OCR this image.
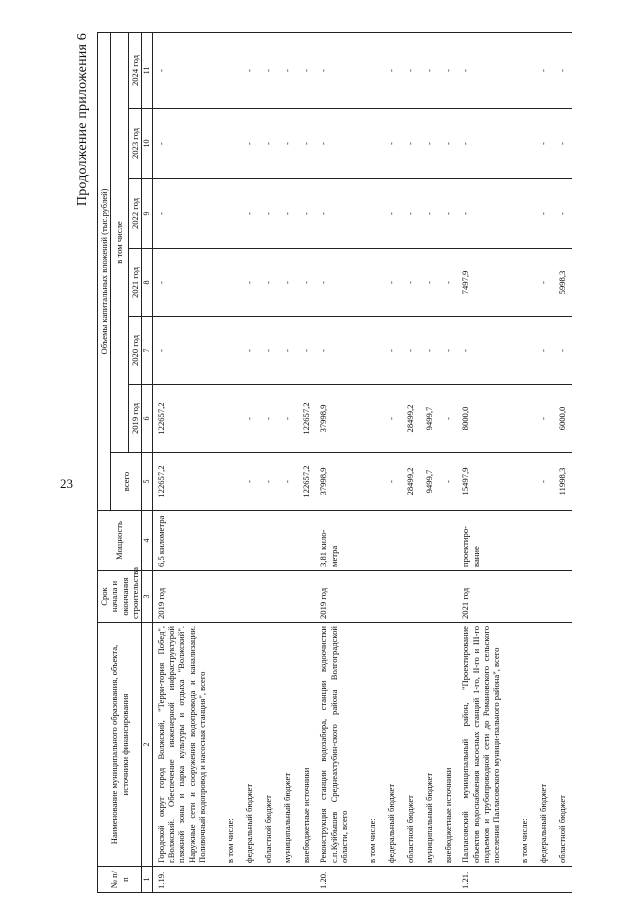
23
Продолжение приложения 6
№ п/п	Наименование муниципального образования, объекта, источники финансирования	Срок начала и окончания строительства	Мощность	Объемы капитальных вложений (тыс.рублей)						
				всего	в том числе					
					2019 год	2020 год	2021 год	2022 год	2023 год	2024 год
1	2	3	4	5	6	7	8	9	10	11
1.19.	Городской округ город Волжский, "Терри-тория Побед", г.Волжский. Обеспечение инженерной инфраструктурой пляжной зоны и парка культуры и отдыха "Волжский". Наружные сети и сооружения водопровода и канализации. Поливочный водопровод и насосная станция", всего	2019 год	6,5 километра	122657,2	122657,2	-	-	-	-	-

	в том числе:									
	федеральный бюджет			-	-	-	-	-	-	-
	областной бюджет			-	-	-	-	-	-	-
	муниципальный бюджет			-	-	-	-	-	-	-
	внебюджетные источники			122657,2	122657,2	-	-	-	-	-
1.20.	Реконструкция станции водозабора, станции водоочистки с.п.Куйбышев Среднеахтубин-ского района Волгоградской области, всего	2019 год	3,81 кило-метра	37998,9	37998,9	-	-	-	-	-

	в том числе:									
	федеральный бюджет			-	-	-	-	-	-	-
	областной бюджет			28499,2	28499,2	-	-	-	-	-
	муниципальный бюджет			9499,7	9499,7	-	-	-	-	-
	внебюджетные источники			-	-	-	-	-	-	-
1.21.	Палласовский муниципальный район, "Проектирование объектов водоснабжения насосных станций 1-го, II-го и III-го подъемов и трубопроводной сети до Романовского сельского поселения Палласовского муници-пального района", всего	2021 год	проектиро-вание	15497,9	8000,0	-	7497,9	-	-	-

	в том числе:									
	федеральный бюджет			-	-	-	-	-	-	-
	областной бюджет			11998,3	6000,0	-	5998,3	-	-	-
